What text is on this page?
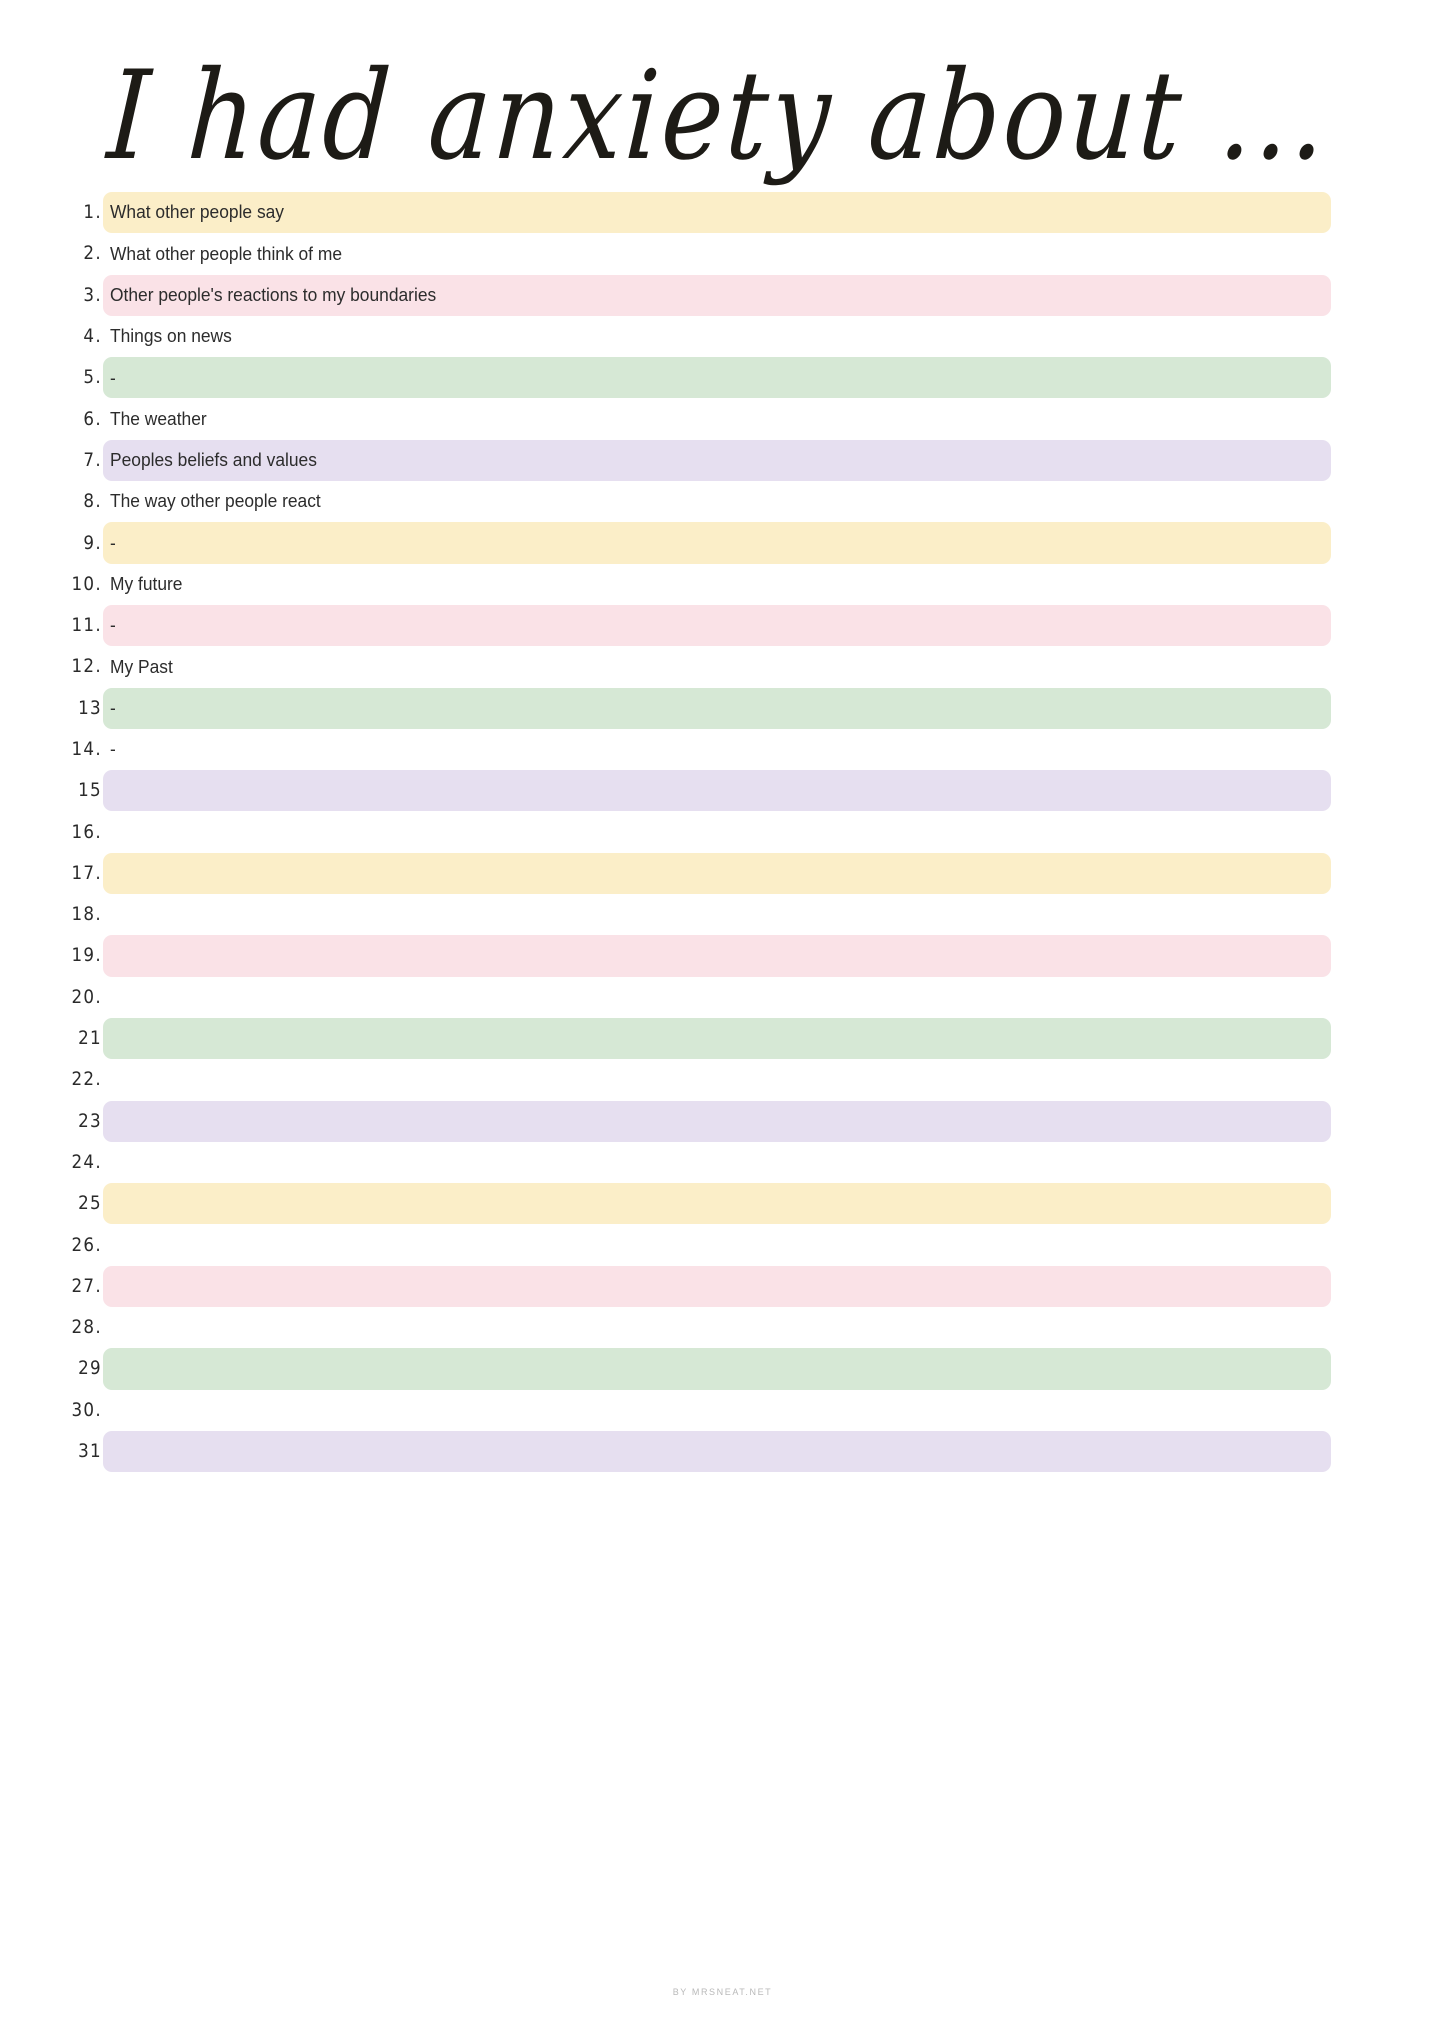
I had anxiety about ...
1. What other people say
2. What other people think of me
3. Other people's reactions to my boundaries
4. Things on news
5. -
6. The weather
7. Peoples beliefs and values
8. The way other people react
9. -
10. My future
11. -
12. My Past
13 -
14. -
15
16.
17.
18.
19.
20.
21
22.
23
24.
25
26.
27.
28.
29
30.
31
BY MRSNEAT.NET
